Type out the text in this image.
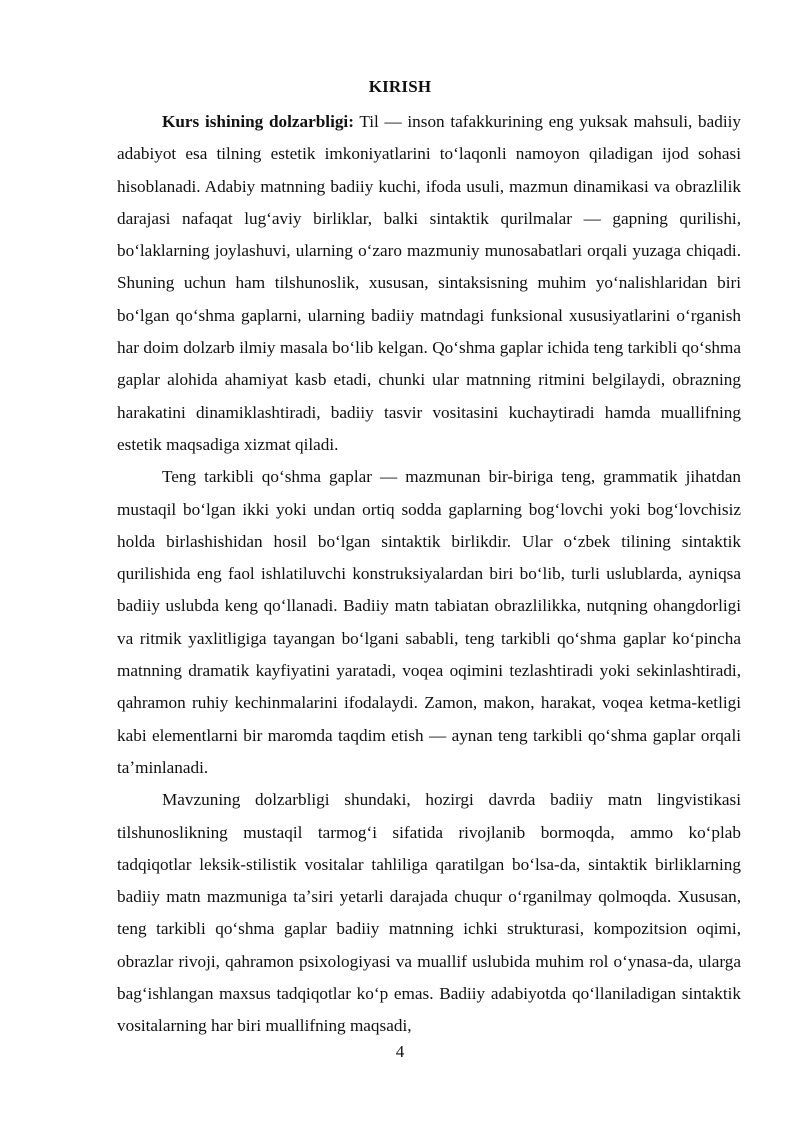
KIRISH

Kurs ishining dolzarbligi: Til — inson tafakkurining eng yuksak mahsuli, badiiy adabiyot esa tilning estetik imkoniyatlarini toʻlaqonli namoyon qiladigan ijod sohasi hisoblanadi. Adabiy matnning badiiy kuchi, ifoda usuli, mazmun dinamikasi va obrazlilik darajasi nafaqat lugʻaviy birliklar, balki sintaktik qurilmalar — gapning qurilishi, boʻlaklarning joylashuvi, ularning oʻzaro mazmuniy munosabatlari orqali yuzaga chiqadi. Shuning uchun ham tilshunoslik, xususan, sintaksisning muhim yoʻnalishlaridan biri boʻlgan qoʻshma gaplarni, ularning badiiy matndagi funksional xususiyatlarini oʻrganish har doim dolzarb ilmiy masala boʻlib kelgan. Qoʻshma gaplar ichida teng tarkibli qoʻshma gaplar alohida ahamiyat kasb etadi, chunki ular matnning ritmini belgilaydi, obrazning harakatini dinamiklashtiradi, badiiy tasvir vositasini kuchaytiradi hamda muallifning estetik maqsadiga xizmat qiladi.

Teng tarkibli qoʻshma gaplar — mazmunan bir-biriga teng, grammatik jihatdan mustaqil boʻlgan ikki yoki undan ortiq sodda gaplarning bogʻlovchi yoki bogʻlovchisiz holda birlashishidan hosil boʻlgan sintaktik birlikdir. Ular oʻzbek tilining sintaktik qurilishida eng faol ishlatiluvchi konstruksiyalardan biri boʻlib, turli uslublarda, ayniqsa badiiy uslubda keng qoʻllanadi. Badiiy matn tabiatan obrazlilikka, nutqning ohangdorligi va ritmik yaxlitligiga tayangan boʻlgani sababli, teng tarkibli qoʻshma gaplar koʻpincha matnning dramatik kayfiyatini yaratadi, voqea oqimini tezlashtiradi yoki sekinlashtiradi, qahramon ruhiy kechinmalarini ifodalaydi. Zamon, makon, harakat, voqea ketma-ketligi kabi elementlarni bir maromda taqdim etish — aynan teng tarkibli qoʻshma gaplar orqali taʼminlanadi.

Mavzuning dolzarbligi shundaki, hozirgi davrda badiiy matn lingvistikasi tilshunoslikning mustaqil tarmogʻi sifatida rivojlanib bormoqda, ammo koʻplab tadqiqotlar leksik-stilistik vositalar tahliliga qaratilgan boʻlsa-da, sintaktik birliklarning badiiy matn mazmuniga taʼsiri yetarli darajada chuqur oʻrganilmay qolmoqda. Xususan, teng tarkibli qoʻshma gaplar badiiy matnning ichki strukturasi, kompozitsion oqimi, obrazlar rivoji, qahramon psixologiyasi va muallif uslubida muhim rol oʻynasa-da, ularga bagʻishlangan maxsus tadqiqotlar koʻp emas. Badiiy adabiyotda qoʻllaniladigan sintaktik vositalarning har biri muallifning maqsadi,

4
